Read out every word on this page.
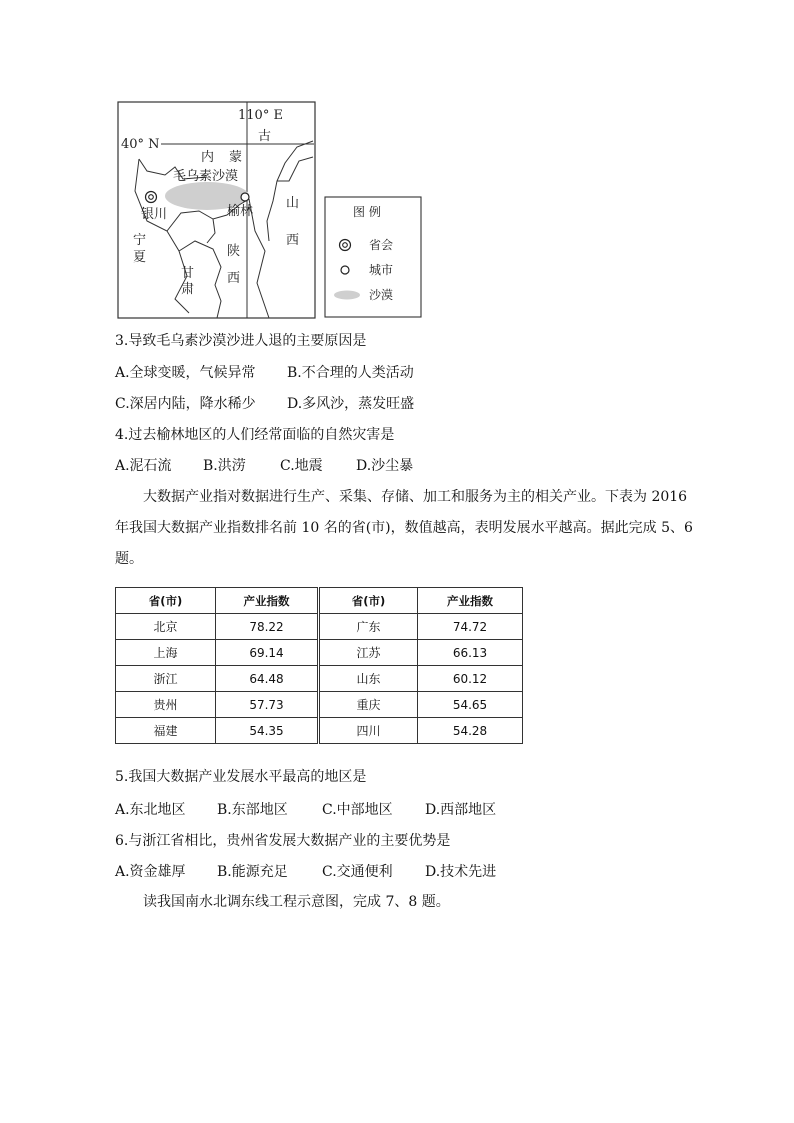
110° E
40° N
古
内 蒙
毛乌素沙漠
银川	榆林
宁
夏
甘
肃
陕
西
山
西
图 例
省会
城市
沙漠
3.导致毛乌素沙漠沙进人退的主要原因是
A.全球变暖，气候异常 B.不合理的人类活动
C.深居内陆，降水稀少 D.多风沙，蒸发旺盛
4.过去榆林地区的人们经常面临的自然灾害是
A.泥石流 B.洪涝 C.地震 D.沙尘暴
大数据产业指对数据进行生产、采集、存储、加工和服务为主的相关产业。下表为 2016
年我国大数据产业指数排名前 10 名的省(市)，数值越高，表明发展水平越高。据此完成 5、6
题。
省(市)	产业指数	省(市)	产业指数
北京	78.22	广东	74.72
上海	69.14	江苏	66.13
浙江	64.48	山东	60.12
贵州	57.73	重庆	54.65
福建	54.35	四川	54.28
5.我国大数据产业发展水平最高的地区是
A.东北地区 B.东部地区 C.中部地区 D.西部地区
6.与浙江省相比，贵州省发展大数据产业的主要优势是
A.资金雄厚 B.能源充足 C.交通便利 D.技术先进
读我国南水北调东线工程示意图，完成 7、8 题。
